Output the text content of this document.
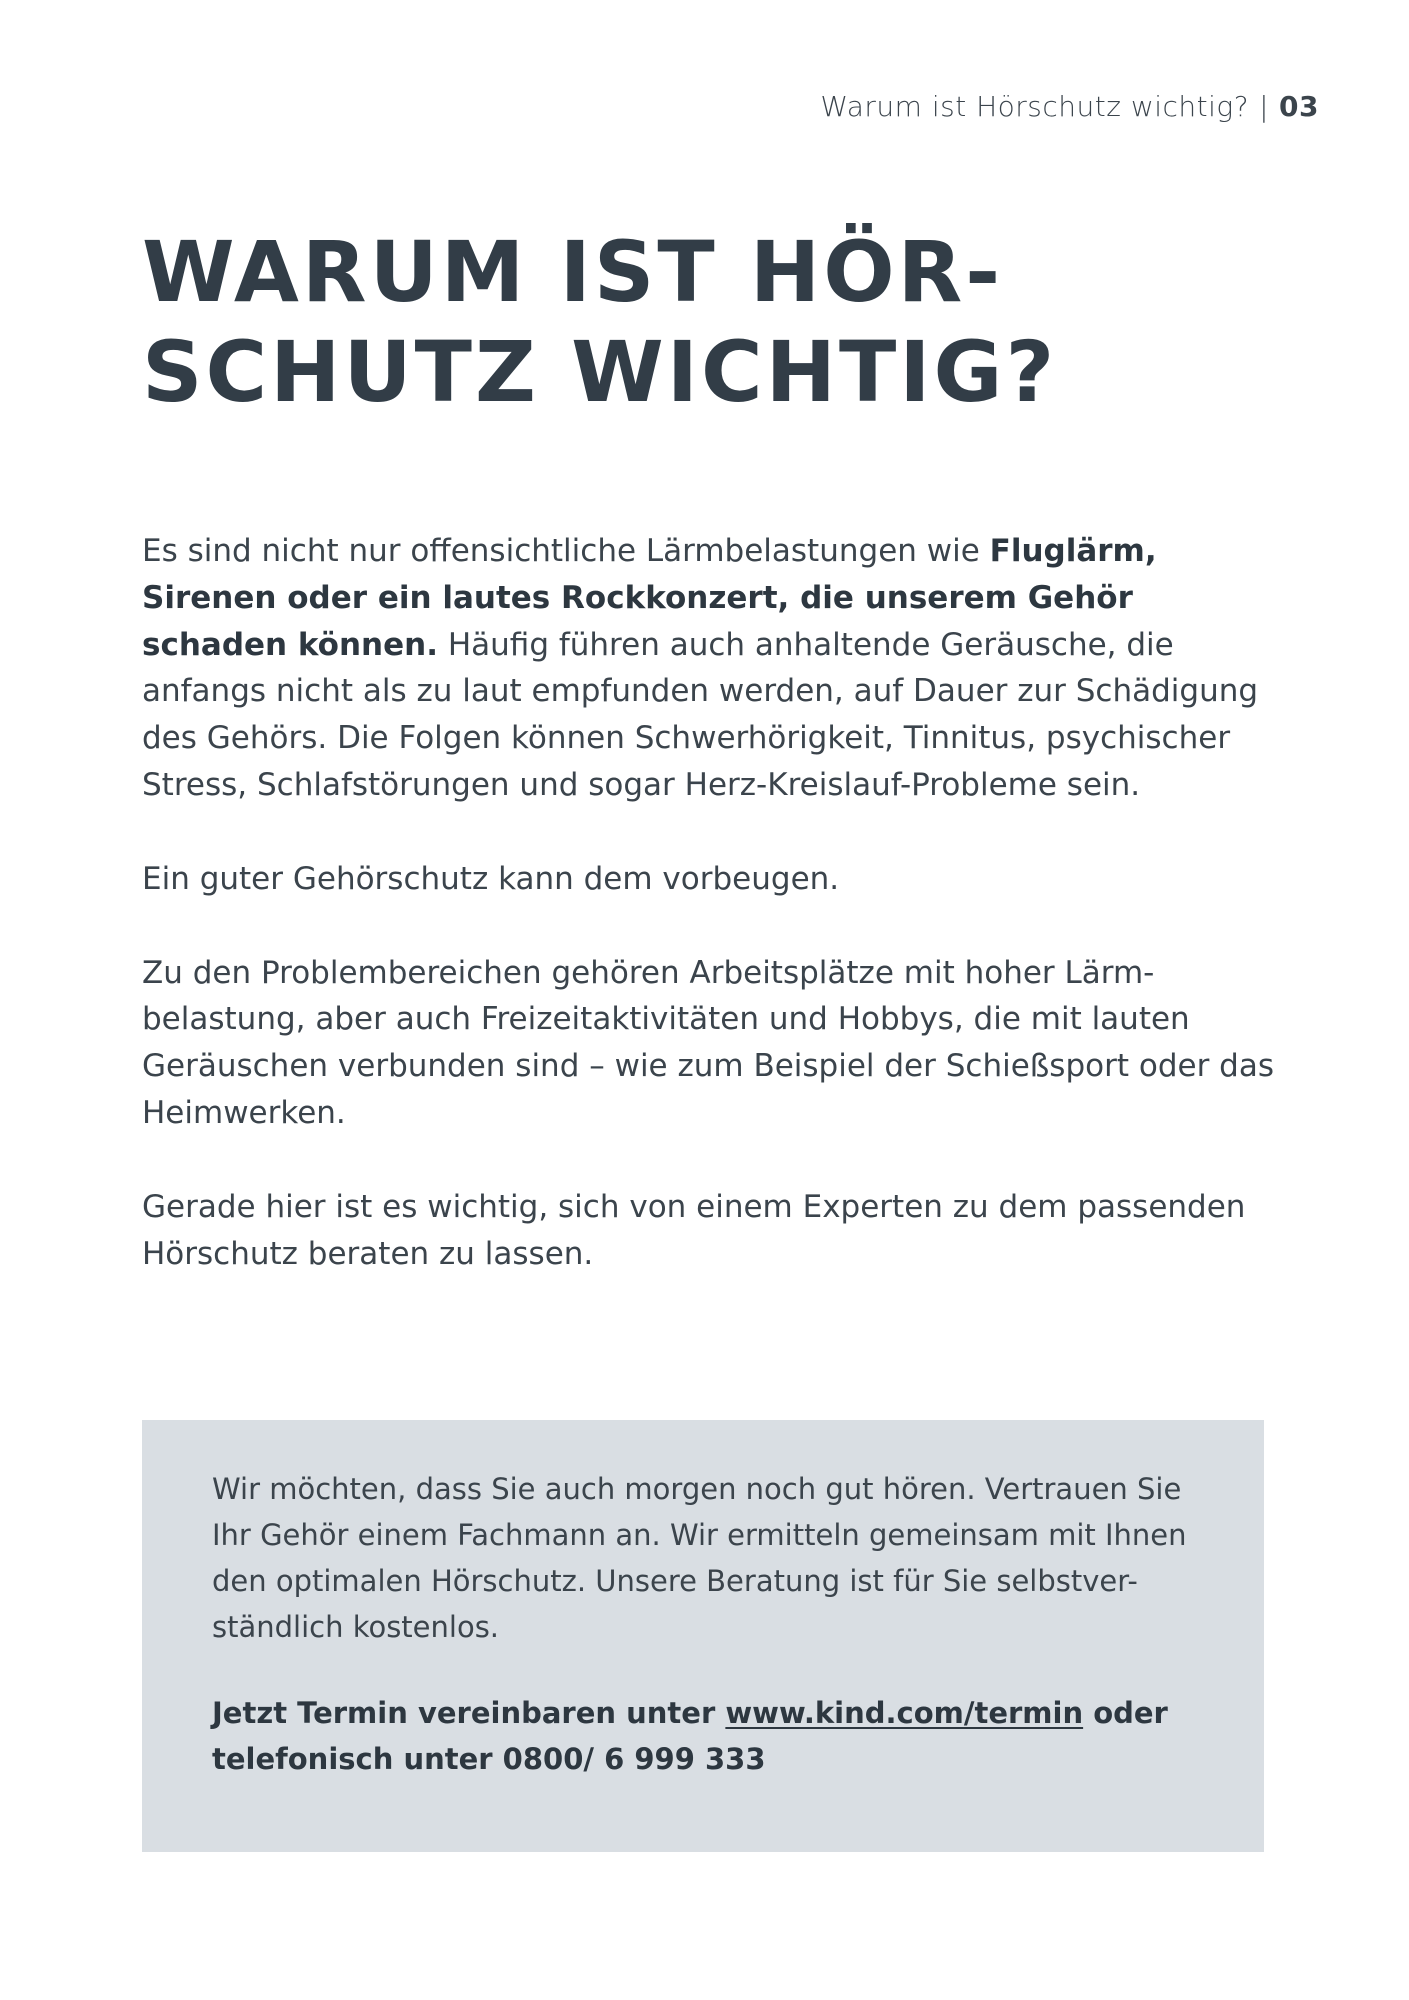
Warum ist Hörschutz wichtig? | 03
WARUM IST HÖR-
SCHUTZ WICHTIG?

Es sind nicht nur offensichtliche Lärmbelastungen wie Fluglärm, Sirenen oder ein lautes Rockkonzert, die unserem Gehör schaden können. Häufig führen auch anhaltende Geräusche, die anfangs nicht als zu laut empfunden werden, auf Dauer zur Schädigung des Gehörs. Die Folgen können Schwerhörigkeit, Tinnitus, psychischer Stress, Schlafstörungen und sogar Herz-Kreislauf-Probleme sein.

Ein guter Gehörschutz kann dem vorbeugen.

Zu den Problembereichen gehören Arbeitsplätze mit hoher Lärm-belastung, aber auch Freizeitaktivitäten und Hobbys, die mit lauten Geräuschen verbunden sind – wie zum Beispiel der Schießsport oder das Heimwerken.

Gerade hier ist es wichtig, sich von einem Experten zu dem passenden Hörschutz beraten zu lassen.

Wir möchten, dass Sie auch morgen noch gut hören. Vertrauen Sie Ihr Gehör einem Fachmann an. Wir ermitteln gemeinsam mit Ihnen den optimalen Hörschutz. Unsere Beratung ist für Sie selbstver-ständlich kostenlos.

Jetzt Termin vereinbaren unter www.kind.com/termin oder telefonisch unter 0800/ 6 999 333
